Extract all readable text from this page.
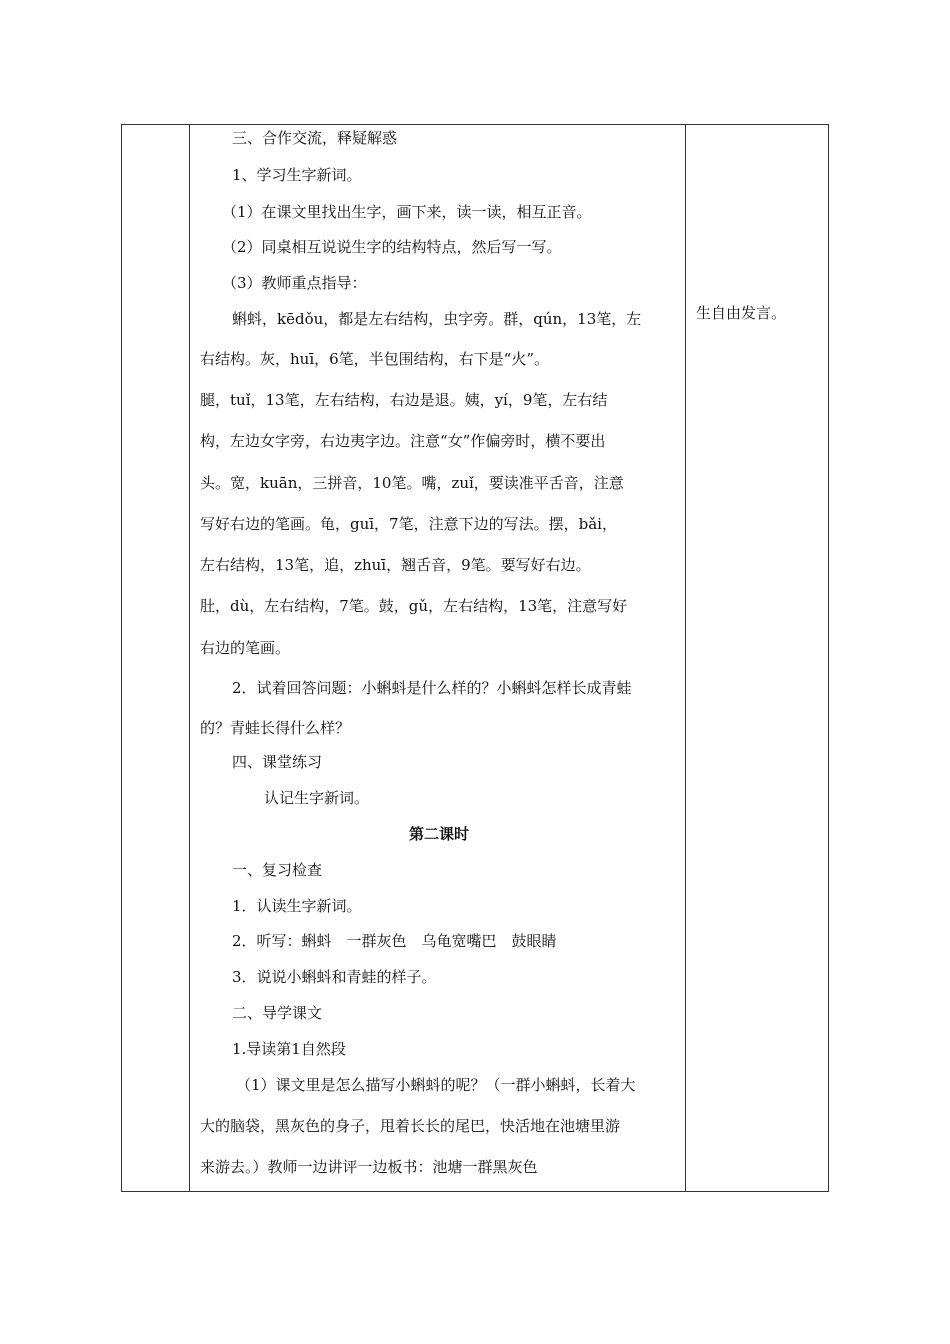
三、合作交流，释疑解惑
1、学习生字新词。
（1）在课文里找出生字，画下来，读一读，相互正音。
（2）同桌相互说说生字的结构特点，然后写一写。
（3）教师重点指导：
蝌蚪，kēdǒu，都是左右结构，虫字旁。群，qún，13笔，左
右结构。灰，huī，6笔，半包围结构，右下是“火”。
腿，tuǐ，13笔，左右结构，右边是退。姨，yí，9笔，左右结
构，左边女字旁，右边夷字边。注意“女”作偏旁时，横不要出
头。宽，kuān，三拼音，10笔。嘴，zuǐ，要读准平舌音，注意
写好右边的笔画。龟，guī，7笔，注意下边的写法。摆，bǎi，
左右结构，13笔，追，zhuī，翘舌音，9笔。要写好右边。
肚，dù，左右结构，7笔。鼓，gǔ，左右结构，13笔，注意写好
右边的笔画。
2．试着回答问题：小蝌蚪是什么样的？小蝌蚪怎样长成青蛙
的？青蛙长得什么样？
四、课堂练习
认记生字新词。
第二课时
一、复习检查
1．认读生字新词。
2．听写：蝌蚪　一群灰色　乌龟宽嘴巴　鼓眼睛
3．说说小蝌蚪和青蛙的样子。
二、导学课文
1.导读第1自然段
（1）课文里是怎么描写小蝌蚪的呢？（一群小蝌蚪，长着大
大的脑袋，黑灰色的身子，甩着长长的尾巴，快活地在池塘里游
来游去。）教师一边讲评一边板书：池塘一群黑灰色
生自由发言。
